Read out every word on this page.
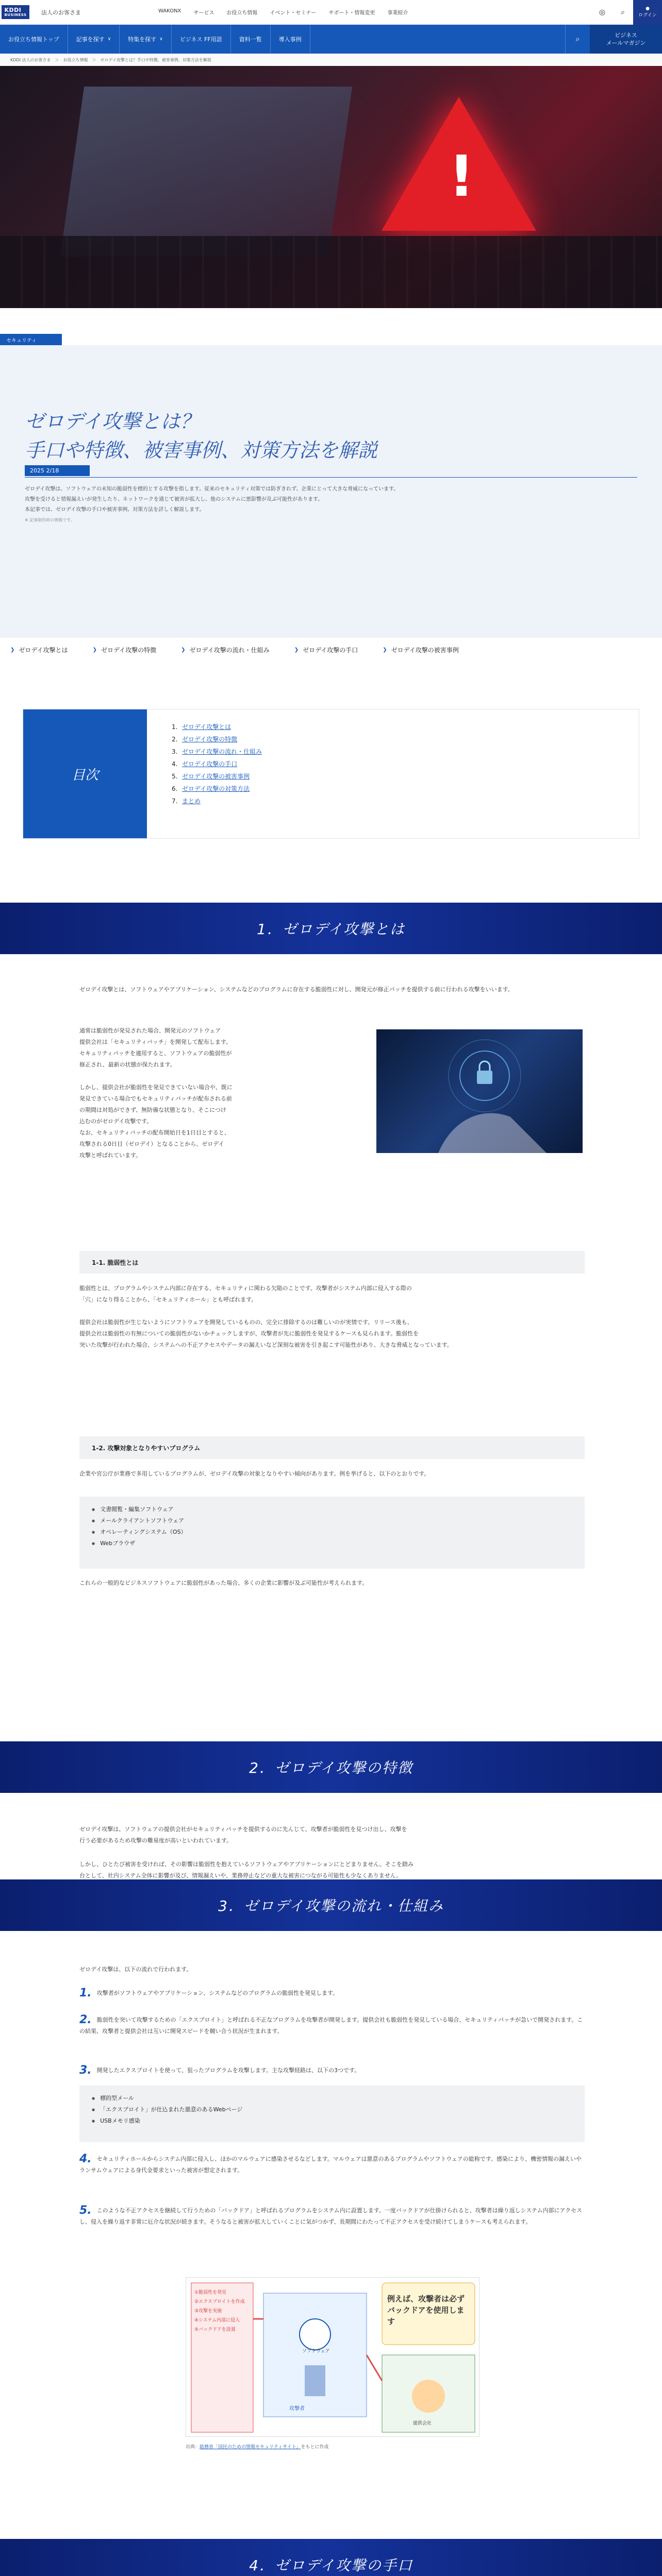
KDDI
BUSINESS	法人のお客さま	WAKONX サービス お役立ち情報 イベント・セミナー サポート・情報変更 事業紹介	◎	⌕	●
ログイン
お役立ち情報トップ	記事を探す ∨	特集を探す ∨	ビジネス FF用語	資料一覧	導入事例	⌕	ビジネス
メールマガジン
KDDI 法人のお客さま ＞ お役立ち情報 ＞ ゼロデイ攻撃とは？手口や特徴、被害事例、対策方法を解説
!
セキュリティ
ゼロデイ攻撃とは？
手口や特徴、被害事例、対策方法を解説
2025 2/18

ゼロデイ攻撃は、ソフトウェアの未知の脆弱性を標的とする攻撃を指します。従来のセキュリティ対策では防ぎきれず、企業にとって大きな脅威になっています。

攻撃を受けると情報漏えいが発生したり、ネットワークを通じて被害が拡大し、他のシステムに悪影響が及ぶ可能性があります。

本記事では、ゼロデイ攻撃の手口や被害事例、対策方法を詳しく解説します。

※ 記事制作時の情報です。

❯ ゼロデイ攻撃とは	❯ ゼロデイ攻撃の特徴	❯ ゼロデイ攻撃の流れ・仕組み	❯ ゼロデイ攻撃の手口	❯ ゼロデイ攻撃の被害事例
目次
1. ゼロデイ攻撃とは
2. ゼロデイ攻撃の特徴
3. ゼロデイ攻撃の流れ・仕組み
4. ゼロデイ攻撃の手口
5. ゼロデイ攻撃の被害事例
6. ゼロデイ攻撃の対策方法
7. まとめ
1．ゼロデイ攻撃とは
ゼロデイ攻撃とは、ソフトウェアやアプリケーション、システムなどのプログラムに存在する脆弱性に対し、開発元が修正パッチを提供する前に行われる攻撃をいいます。
通常は脆弱性が発見された場合、開発元のソフトウェア
提供会社は「セキュリティパッチ」を開発して配布します。
セキュリティパッチを適用すると、ソフトウェアの脆弱性が
修正され、最新の状態が保たれます。
しかし、提供会社が脆弱性を発見できていない場合や、既に
発見できている場合でもセキュリティパッチが配布される前
の期間は対処ができず、無防備な状態となり、そこにつけ
込むのがゼロデイ攻撃です。
なお、セキュリティパッチの配布開始日を1日目とすると、
攻撃される0日目（ゼロデイ）となることから、ゼロデイ
攻撃と呼ばれています。
1-1. 脆弱性とは
脆弱性とは、プログラムやシステム内部に存在する、セキュリティに関わる欠陥のことです。攻撃者がシステム内部に侵入する際の
「穴」になり得ることから、「セキュリティホール」とも呼ばれます。
提供会社は脆弱性が生じないようにソフトウェアを開発しているものの、完全に排除するのは難しいのが実情です。リリース後も、
提供会社は脆弱性の有無についての脆弱性がないかチェックしますが、攻撃者が先に脆弱性を発見するケースも見られます。脆弱性を
突いた攻撃が行われた場合、システムへの不正アクセスやデータの漏えいなど深刻な被害を引き起こす可能性があり、大きな脅威となっています。
1-2. 攻撃対象となりやすいプログラム
企業や官公庁が業務で多用しているプログラムが、ゼロデイ攻撃の対象となりやすい傾向があります。例を挙げると、以下のとおりです。
● 文書閲覧・編集ソフトウェア
● メールクライアントソフトウェア
● オペレーティングシステム（OS）
● Webブラウザ
これらの一般的なビジネスソフトウェアに脆弱性があった場合、多くの企業に影響が及ぶ可能性が考えられます。
2．ゼロデイ攻撃の特徴
ゼロデイ攻撃は、ソフトウェアの提供会社がセキュリティパッチを提供するのに先んじて、攻撃者が脆弱性を見つけ出し、攻撃を
行う必要があるため攻撃の難易度が高いといわれています。
しかし、ひとたび被害を受ければ、その影響は脆弱性を抱えているソフトウェアやアプリケーションにとどまりません。そこを踏み
台として、社内システム全体に影響が及び、情報漏えいや、業務停止などの重大な被害につながる可能性も少なくありません。
3．ゼロデイ攻撃の流れ・仕組み
ゼロデイ攻撃は、以下の流れで行われます。
1. 攻撃者がソフトウェアやアプリケーション、システムなどのプログラムの脆弱性を発見します。
2. 脆弱性を突いて攻撃するための「エクスプロイト」と呼ばれる不正なプログラムを攻撃者が開発します。提供会社も脆弱性を発見している場合、セキュリティパッチが急いで開発されます。この結果、攻撃者と提供会社は互いに開発スピードを競い合う状況が生まれます。
3. 開発したエクスプロイトを使って、狙ったプログラムを攻撃します。主な攻撃経路は、以下の3つです。
● 標的型メール
● 「エクスプロイト」が仕込まれた悪意のあるWebページ
● USBメモリ感染
4. セキュリティホールからシステム内部に侵入し、ほかのマルウェアに感染させるなどします。マルウェアは悪意のあるプログラムやソフトウェアの総称です。感染により、機密情報の漏えいやランサムウェアによる身代金要求といった被害が想定されます。
5. このような不正アクセスを継続して行うための「バックドア」と呼ばれるプログラムをシステム内に設置します。一度バックドアが仕掛けられると、攻撃者は繰り返しシステム内部にアクセスし、侵入を繰り返す非常に厄介な状況が続きます。そうなると被害が拡大していくことに気がつかず、長期間にわたって不正アクセスを受け続けてしまうケースも考えられます。
①脆弱性を発見
②エクスプロイトを作成
③攻撃を実施
④システム内部に侵入
⑤バックドアを設置
攻撃者
ソフトウェア
提供会社
例えば、攻撃者は必ずバックドアを使用します
出典：総務省「国民のための情報セキュリティサイト」をもとに作成
4．ゼロデイ攻撃の手口
